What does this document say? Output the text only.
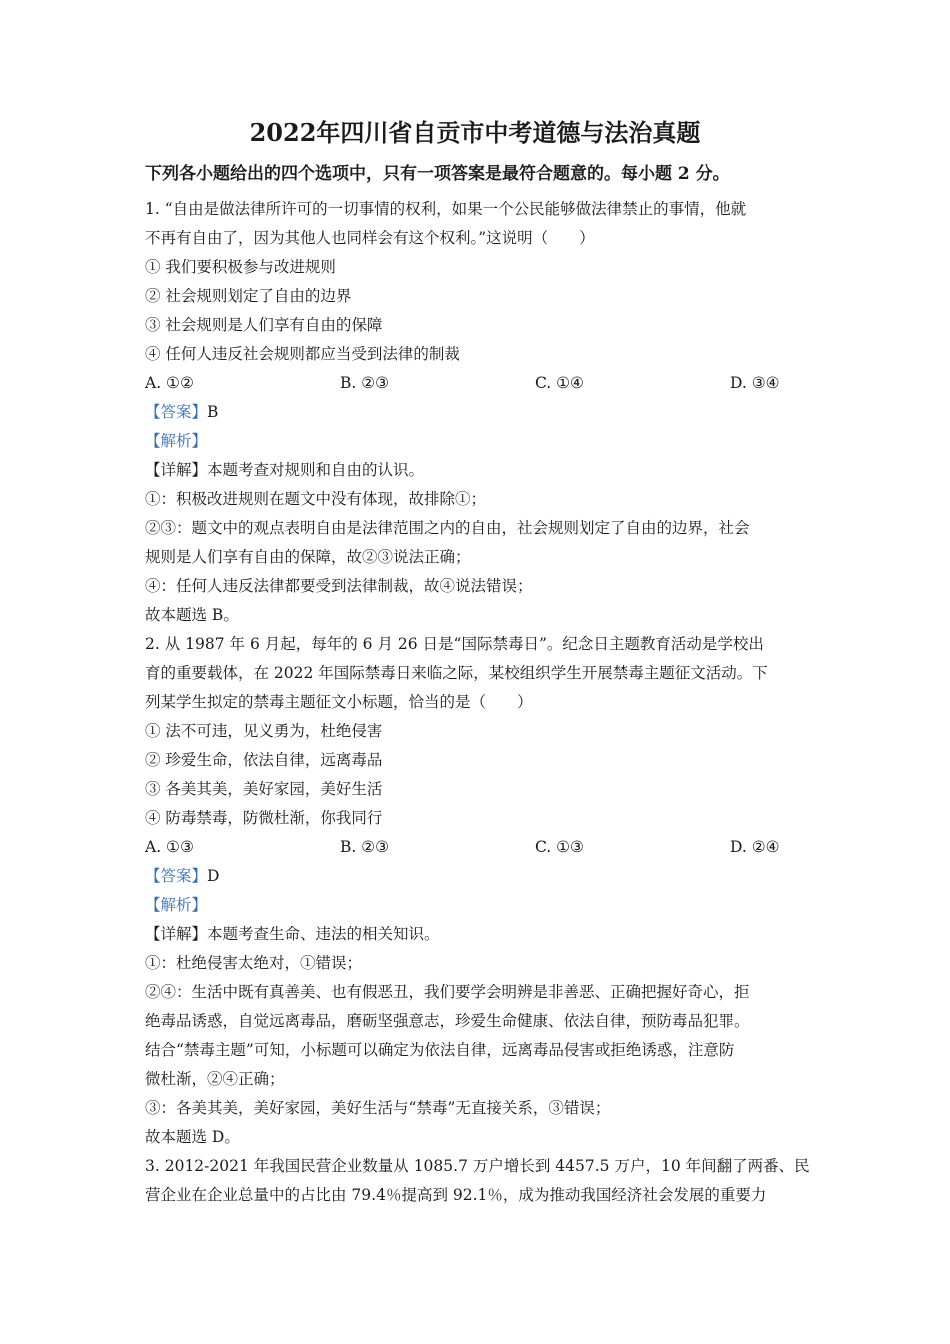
2022年四川省自贡市中考道德与法治真题
下列各小题给出的四个选项中，只有一项答案是最符合题意的。每小题 2 分。

1. “自由是做法律所许可的一切事情的权利，如果一个公民能够做法律禁止的事情，他就

不再有自由了，因为其他人也同样会有这个权利。”这说明（　　）

① 我们要积极参与改进规则

② 社会规则划定了自由的边界

③ 社会规则是人们享有自由的保障

④ 任何人违反社会规则都应当受到法律的制裁

A. ①②	B. ②③	C. ①④	D. ③④

【答案】B

【解析】

【详解】本题考查对规则和自由的认识。

①：积极改进规则在题文中没有体现，故排除①；

②③：题文中的观点表明自由是法律范围之内的自由，社会规则划定了自由的边界，社会

规则是人们享有自由的保障，故②③说法正确；

④：任何人违反法律都要受到法律制裁，故④说法错误；

故本题选 B。

2. 从 1987 年 6 月起，每年的 6 月 26 日是“国际禁毒日”。纪念日主题教育活动是学校出

育的重要载体，在 2022 年国际禁毒日来临之际，某校组织学生开展禁毒主题征文活动。下

列某学生拟定的禁毒主题征文小标题，恰当的是（　　）

① 法不可违，见义勇为，杜绝侵害

② 珍爱生命，依法自律，远离毒品

③ 各美其美，美好家园，美好生活

④ 防毒禁毒，防微杜渐，你我同行

A. ①③	B. ②③	C. ①③	D. ②④

【答案】D

【解析】

【详解】本题考查生命、违法的相关知识。

①：杜绝侵害太绝对，①错误；

②④：生活中既有真善美、也有假恶丑，我们要学会明辨是非善恶、正确把握好奇心，拒

绝毒品诱惑，自觉远离毒品，磨砺坚强意志，珍爱生命健康、依法自律，预防毒品犯罪。

结合“禁毒主题”可知，小标题可以确定为依法自律，远离毒品侵害或拒绝诱惑，注意防

微杜渐，②④正确；

③：各美其美，美好家园，美好生活与“禁毒”无直接关系，③错误；

故本题选 D。

3. 2012-2021 年我国民营企业数量从 1085.7 万户增长到 4457.5 万户，10 年间翻了两番、民

营企业在企业总量中的占比由 79.4％提高到 92.1％，成为推动我国经济社会发展的重要力
